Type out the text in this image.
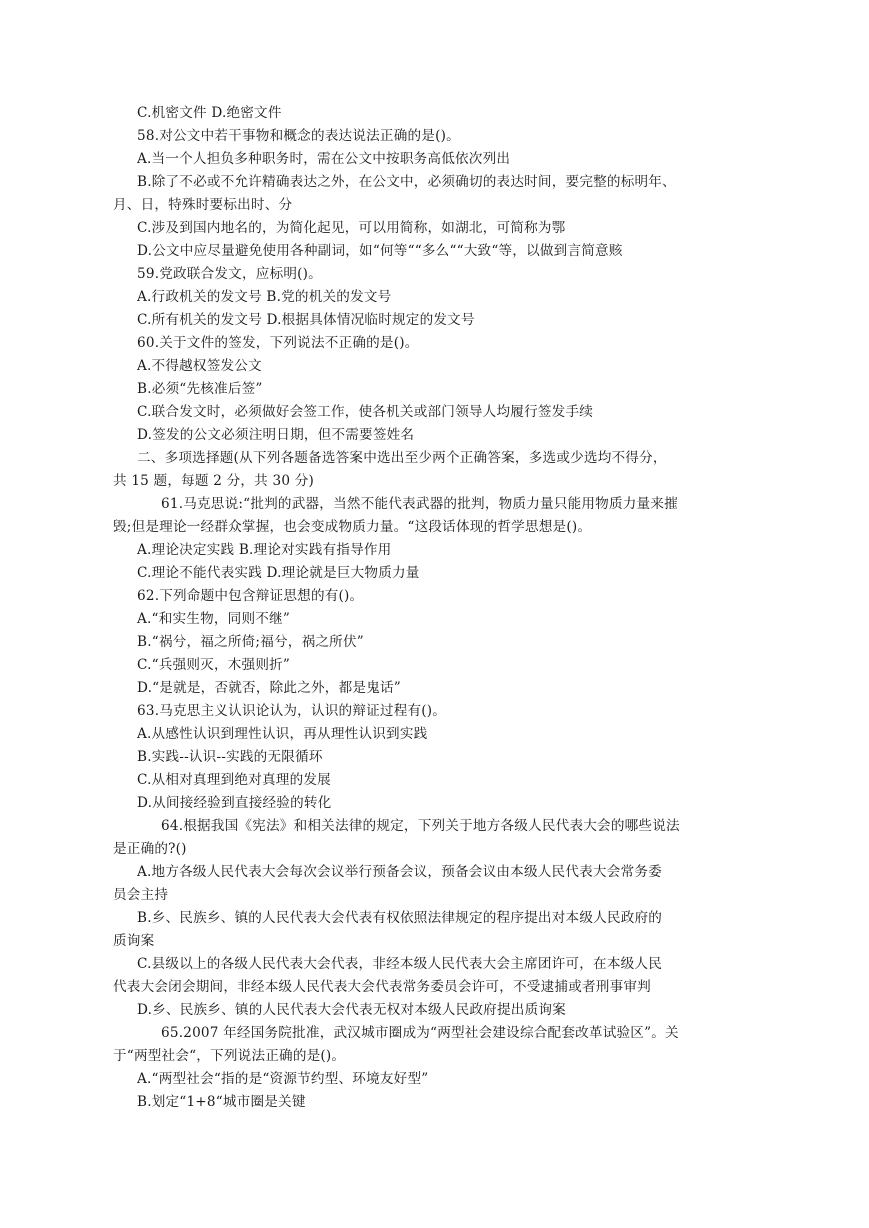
C.机密文件 D.绝密文件
58.对公文中若干事物和概念的表达说法正确的是()。
A.当一个人担负多种职务时，需在公文中按职务高低依次列出
B.除了不必或不允许精确表达之外，在公文中，必须确切的表达时间，要完整的标明年、
月、日，特殊时要标出时、分
C.涉及到国内地名的，为简化起见，可以用简称，如湖北，可简称为鄂
D.公文中应尽量避免使用各种副词，如“何等““多么““大致“等，以做到言简意赅
59.党政联合发文，应标明()。
A.行政机关的发文号 B.党的机关的发文号
C.所有机关的发文号 D.根据具体情况临时规定的发文号
60.关于文件的签发，下列说法不正确的是()。
A.不得越权签发公文
B.必须“先核准后签”
C.联合发文时，必须做好会签工作，使各机关或部门领导人均履行签发手续
D.签发的公文必须注明日期，但不需要签姓名
二、多项选择题(从下列各题备选答案中选出至少两个正确答案，多选或少选均不得分，
共 15 题，每题 2 分，共 30 分)
61.马克思说:“批判的武器，当然不能代表武器的批判，物质力量只能用物质力量来摧
毁;但是理论一经群众掌握，也会变成物质力量。“这段话体现的哲学思想是()。
A.理论决定实践 B.理论对实践有指导作用
C.理论不能代表实践 D.理论就是巨大物质力量
62.下列命题中包含辩证思想的有()。
A.“和实生物，同则不继”
B.“祸兮，福之所倚;福兮，祸之所伏”
C.“兵强则灭，木强则折”
D.“是就是，否就否，除此之外，都是鬼话”
63.马克思主义认识论认为，认识的辩证过程有()。
A.从感性认识到理性认识，再从理性认识到实践
B.实践--认识--实践的无限循环
C.从相对真理到绝对真理的发展
D.从间接经验到直接经验的转化
64.根据我国《宪法》和相关法律的规定，下列关于地方各级人民代表大会的哪些说法
是正确的?()
A.地方各级人民代表大会每次会议举行预备会议，预备会议由本级人民代表大会常务委
员会主持
B.乡、民族乡、镇的人民代表大会代表有权依照法律规定的程序提出对本级人民政府的
质询案
C.县级以上的各级人民代表大会代表，非经本级人民代表大会主席团许可，在本级人民
代表大会闭会期间，非经本级人民代表大会代表常务委员会许可，不受逮捕或者刑事审判
D.乡、民族乡、镇的人民代表大会代表无权对本级人民政府提出质询案
65.2007 年经国务院批准，武汉城市圈成为“两型社会建设综合配套改革试验区”。关
于“两型社会“，下列说法正确的是()。
A.“两型社会“指的是“资源节约型、环境友好型”
B.划定“1+8“城市圈是关键
